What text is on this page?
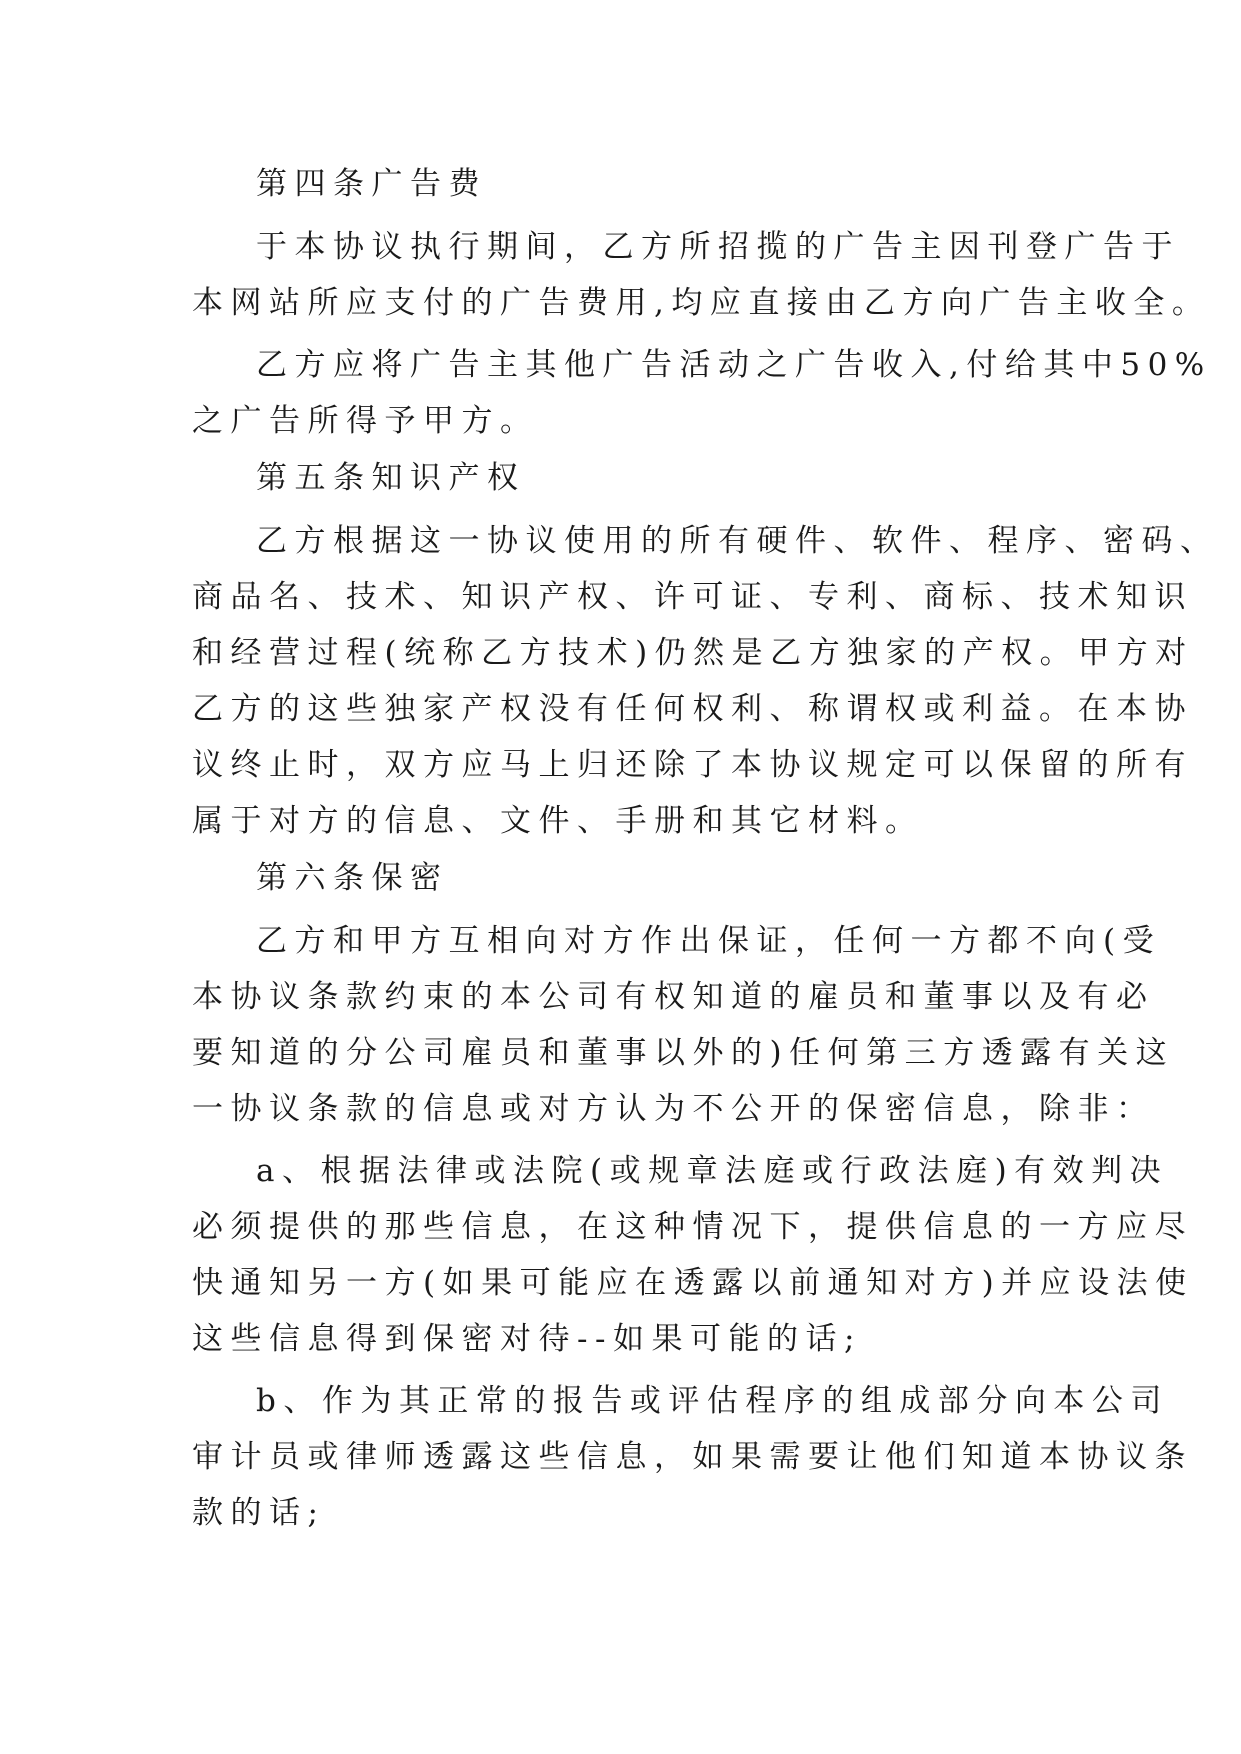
第四条广告费
于本协议执行期间，乙方所招揽的广告主因刊登广告于
本网站所应支付的广告费用,均应直接由乙方向广告主收全。
乙方应将广告主其他广告活动之广告收入,付给其中50%
之广告所得予甲方。
第五条知识产权
乙方根据这一协议使用的所有硬件、软件、程序、密码、
商品名、技术、知识产权、许可证、专利、商标、技术知识
和经营过程(统称乙方技术)仍然是乙方独家的产权。甲方对
乙方的这些独家产权没有任何权利、称谓权或利益。在本协
议终止时，双方应马上归还除了本协议规定可以保留的所有
属于对方的信息、文件、手册和其它材料。
第六条保密
乙方和甲方互相向对方作出保证，任何一方都不向(受
本协议条款约束的本公司有权知道的雇员和董事以及有必
要知道的分公司雇员和董事以外的)任何第三方透露有关这
一协议条款的信息或对方认为不公开的保密信息，除非：
a、根据法律或法院(或规章法庭或行政法庭)有效判决
必须提供的那些信息，在这种情况下，提供信息的一方应尽
快通知另一方(如果可能应在透露以前通知对方)并应设法使
这些信息得到保密对待--如果可能的话;
b、作为其正常的报告或评估程序的组成部分向本公司
审计员或律师透露这些信息，如果需要让他们知道本协议条
款的话;
